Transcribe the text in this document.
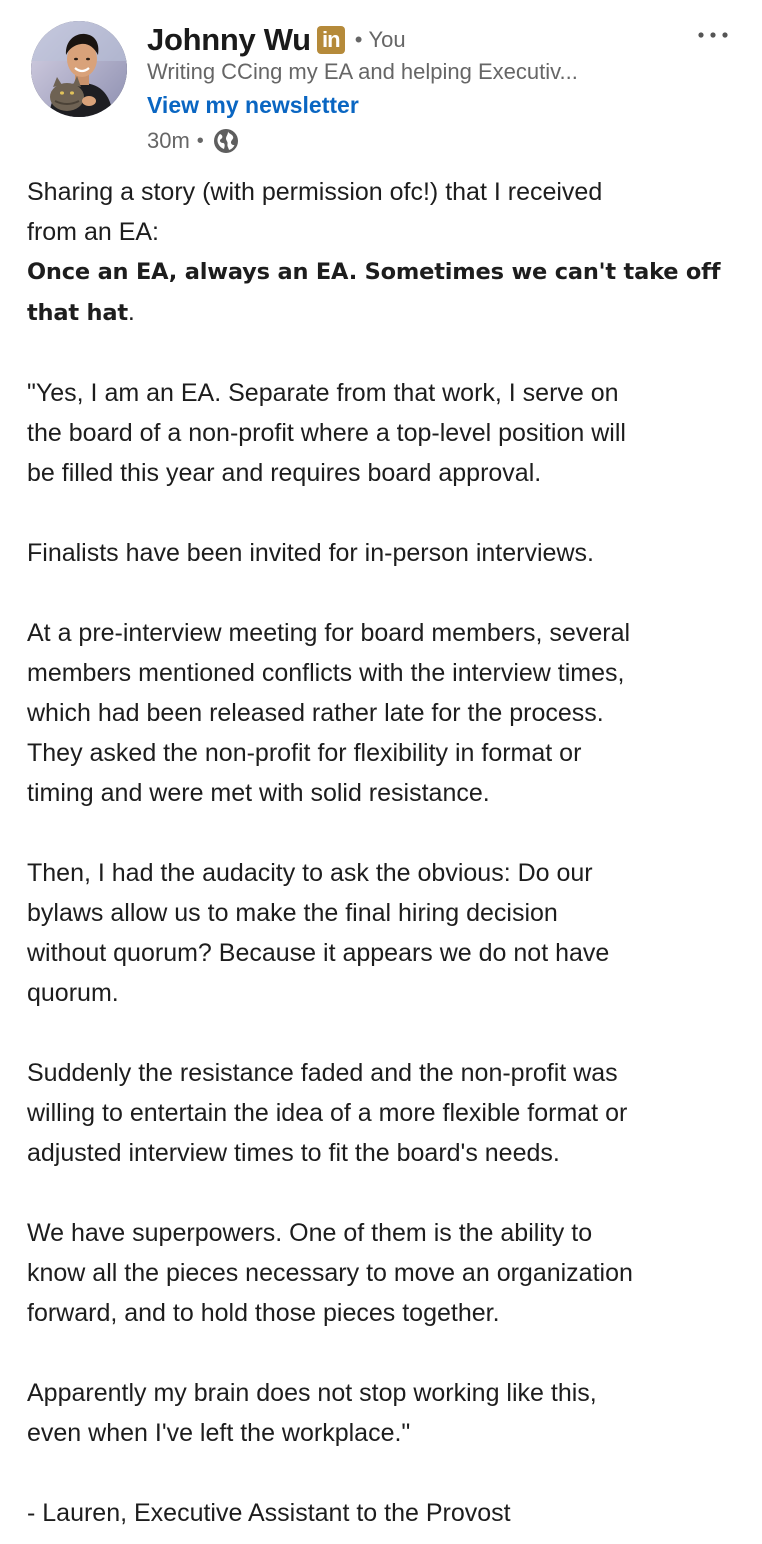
Johnny Wu in • You
Writing CCing my EA and helping Executiv...
View my newsletter
30m •

Sharing a story (with permission ofc!) that I received

from an EA:

Once an EA, always an EA. Sometimes we can't take off

that hat.

"Yes, I am an EA. Separate from that work, I serve on

the board of a non-profit where a top-level position will

be filled this year and requires board approval.

Finalists have been invited for in-person interviews.

At a pre-interview meeting for board members, several

members mentioned conflicts with the interview times,

which had been released rather late for the process.

They asked the non-profit for flexibility in format or

timing and were met with solid resistance.

Then, I had the audacity to ask the obvious: Do our

bylaws allow us to make the final hiring decision

without quorum? Because it appears we do not have

quorum.

Suddenly the resistance faded and the non-profit was

willing to entertain the idea of a more flexible format or

adjusted interview times to fit the board's needs.

We have superpowers. One of them is the ability to

know all the pieces necessary to move an organization

forward, and to hold those pieces together.

Apparently my brain does not stop working like this,

even when I've left the workplace."

- Lauren, Executive Assistant to the Provost
